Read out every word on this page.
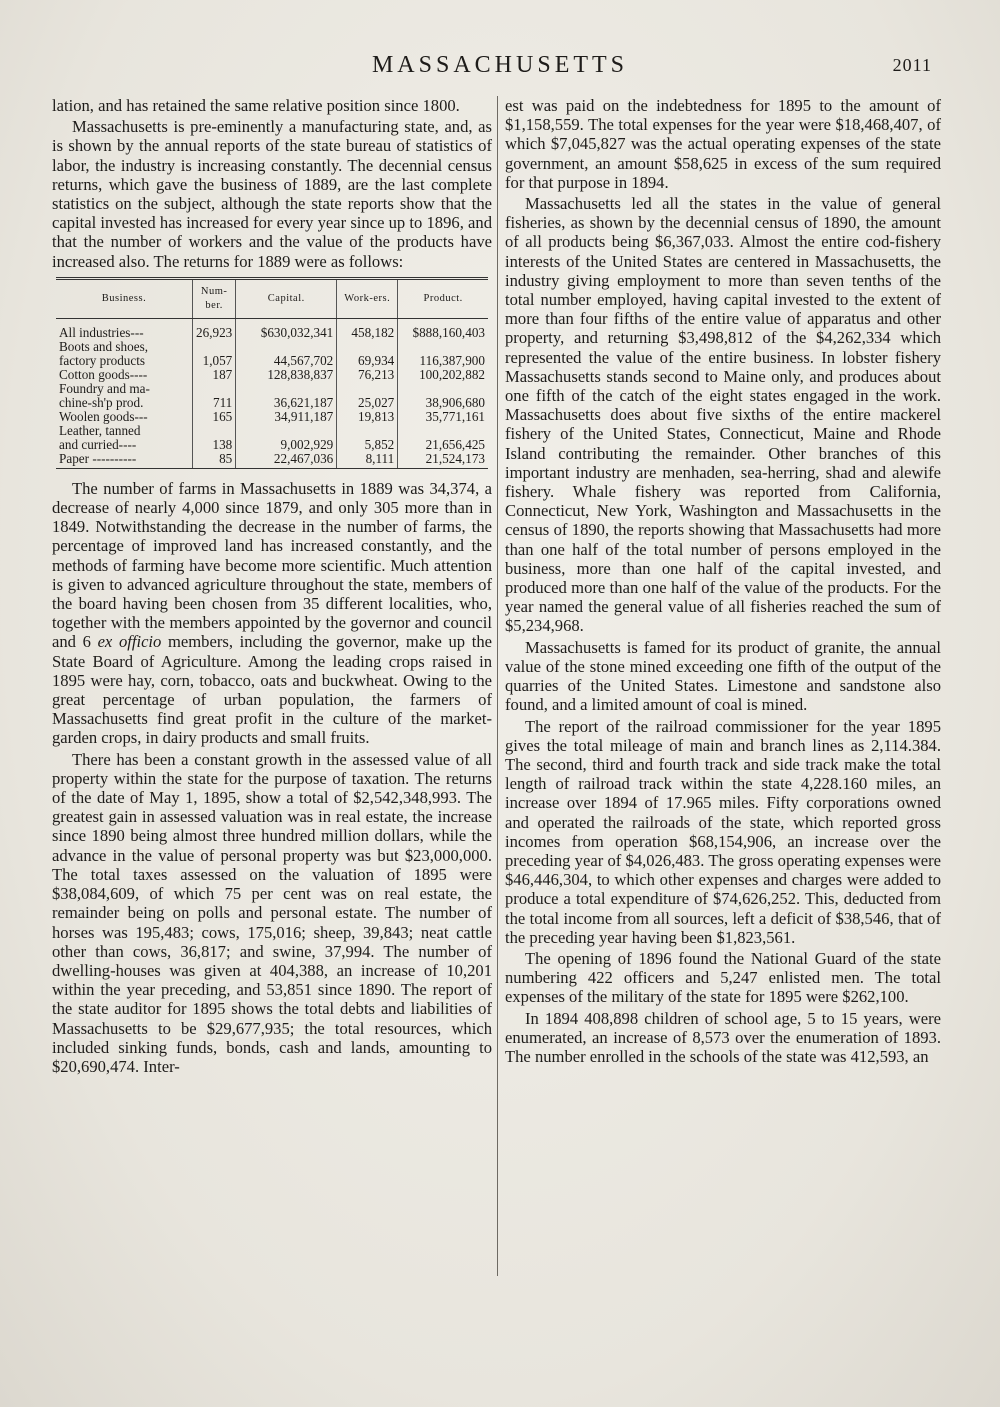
MASSACHUSETTS	2011

lation, and has retained the same relative position since 1800.

Massachusetts is pre-eminently a manufacturing state, and, as is shown by the annual reports of the state bureau of statistics of labor, the industry is increasing constantly. The decennial census returns, which gave the business of 1889, are the last complete statistics on the subject, although the state reports show that the capital invested has increased for every year since up to 1896, and that the number of workers and the value of the products have increased also. The returns for 1889 were as follows:

Business.	Num-ber.	Capital.	Work-ers.	Product.
All industries---	26,923	$630,032,341	458,182	$888,160,403
Boots and shoes,				
factory products	1,057	44,567,702	69,934	116,387,900
Cotton goods----	187	128,838,837	76,213	100,202,882
Foundry and ma-				
chine-sh'p prod.	711	36,621,187	25,027	38,906,680
Woolen goods---	165	34,911,187	19,813	35,771,161
Leather, tanned				
and curried----	138	9,002,929	5,852	21,656,425
Paper ----------	85	22,467,036	8,111	21,524,173

The number of farms in Massachusetts in 1889 was 34,374, a decrease of nearly 4,000 since 1879, and only 305 more than in 1849. Notwithstanding the decrease in the number of farms, the percentage of improved land has increased constantly, and the methods of farming have become more scientific. Much attention is given to advanced agriculture throughout the state, members of the board having been chosen from 35 different localities, who, together with the members appointed by the governor and council and 6 ex officio members, including the governor, make up the State Board of Agriculture. Among the leading crops raised in 1895 were hay, corn, tobacco, oats and buckwheat. Owing to the great percentage of urban population, the farmers of Massachusetts find great profit in the culture of the market-garden crops, in dairy products and small fruits.

There has been a constant growth in the assessed value of all property within the state for the purpose of taxation. The returns of the date of May 1, 1895, show a total of $2,542,348,993. The greatest gain in assessed valuation was in real estate, the increase since 1890 being almost three hundred million dollars, while the advance in the value of personal property was but $23,000,000. The total taxes assessed on the valuation of 1895 were $38,084,609, of which 75 per cent was on real estate, the remainder being on polls and personal estate. The number of horses was 195,483; cows, 175,016; sheep, 39,843; neat cattle other than cows, 36,817; and swine, 37,994. The number of dwelling-houses was given at 404,388, an increase of 10,201 within the year preceding, and 53,851 since 1890. The report of the state auditor for 1895 shows the total debts and liabilities of Massachusetts to be $29,677,935; the total resources, which included sinking funds, bonds, cash and lands, amounting to $20,690,474. Inter-

est was paid on the indebtedness for 1895 to the amount of $1,158,559. The total expenses for the year were $18,468,407, of which $7,045,827 was the actual operating expenses of the state government, an amount $58,625 in excess of the sum required for that purpose in 1894.

Massachusetts led all the states in the value of general fisheries, as shown by the decennial census of 1890, the amount of all products being $6,367,033. Almost the entire cod-fishery interests of the United States are centered in Massachusetts, the industry giving employment to more than seven tenths of the total number employed, having capital invested to the extent of more than four fifths of the entire value of apparatus and other property, and returning $3,498,812 of the $4,262,334 which represented the value of the entire business. In lobster fishery Massachusetts stands second to Maine only, and produces about one fifth of the catch of the eight states engaged in the work. Massachusetts does about five sixths of the entire mackerel fishery of the United States, Connecticut, Maine and Rhode Island contributing the remainder. Other branches of this important industry are menhaden, sea-herring, shad and alewife fishery. Whale fishery was reported from California, Connecticut, New York, Washington and Massachusetts in the census of 1890, the reports showing that Massachusetts had more than one half of the total number of persons employed in the business, more than one half of the capital invested, and produced more than one half of the value of the products. For the year named the general value of all fisheries reached the sum of $5,234,968.

Massachusetts is famed for its product of granite, the annual value of the stone mined exceeding one fifth of the output of the quarries of the United States. Limestone and sandstone also found, and a limited amount of coal is mined.

The report of the railroad commissioner for the year 1895 gives the total mileage of main and branch lines as 2,114.384. The second, third and fourth track and side track make the total length of railroad track within the state 4,228.160 miles, an increase over 1894 of 17.965 miles. Fifty corporations owned and operated the railroads of the state, which reported gross incomes from operation $68,154,906, an increase over the preceding year of $4,026,483. The gross operating expenses were $46,446,304, to which other expenses and charges were added to produce a total expenditure of $74,626,252. This, deducted from the total income from all sources, left a deficit of $38,546, that of the preceding year having been $1,823,561.

The opening of 1896 found the National Guard of the state numbering 422 officers and 5,247 enlisted men. The total expenses of the military of the state for 1895 were $262,100.

In 1894 408,898 children of school age, 5 to 15 years, were enumerated, an increase of 8,573 over the enumeration of 1893. The number enrolled in the schools of the state was 412,593, an
